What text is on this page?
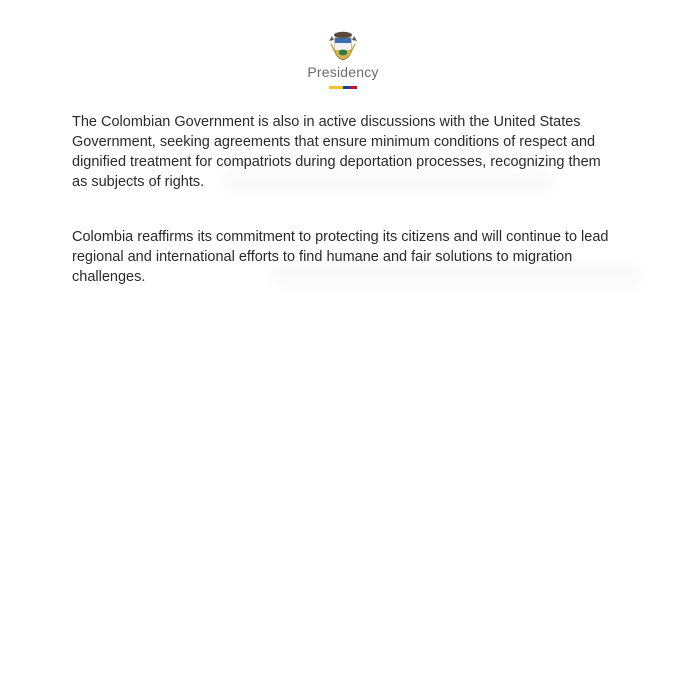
Presidency

The Colombian Government is also in active discussions with the United States Government, seeking agreements that ensure minimum conditions of respect and dignified treatment for compatriots during deportation processes, recognizing them as subjects of rights.

Colombia reaffirms its commitment to protecting its citizens and will continue to lead regional and international efforts to find humane and fair solutions to migration challenges.
